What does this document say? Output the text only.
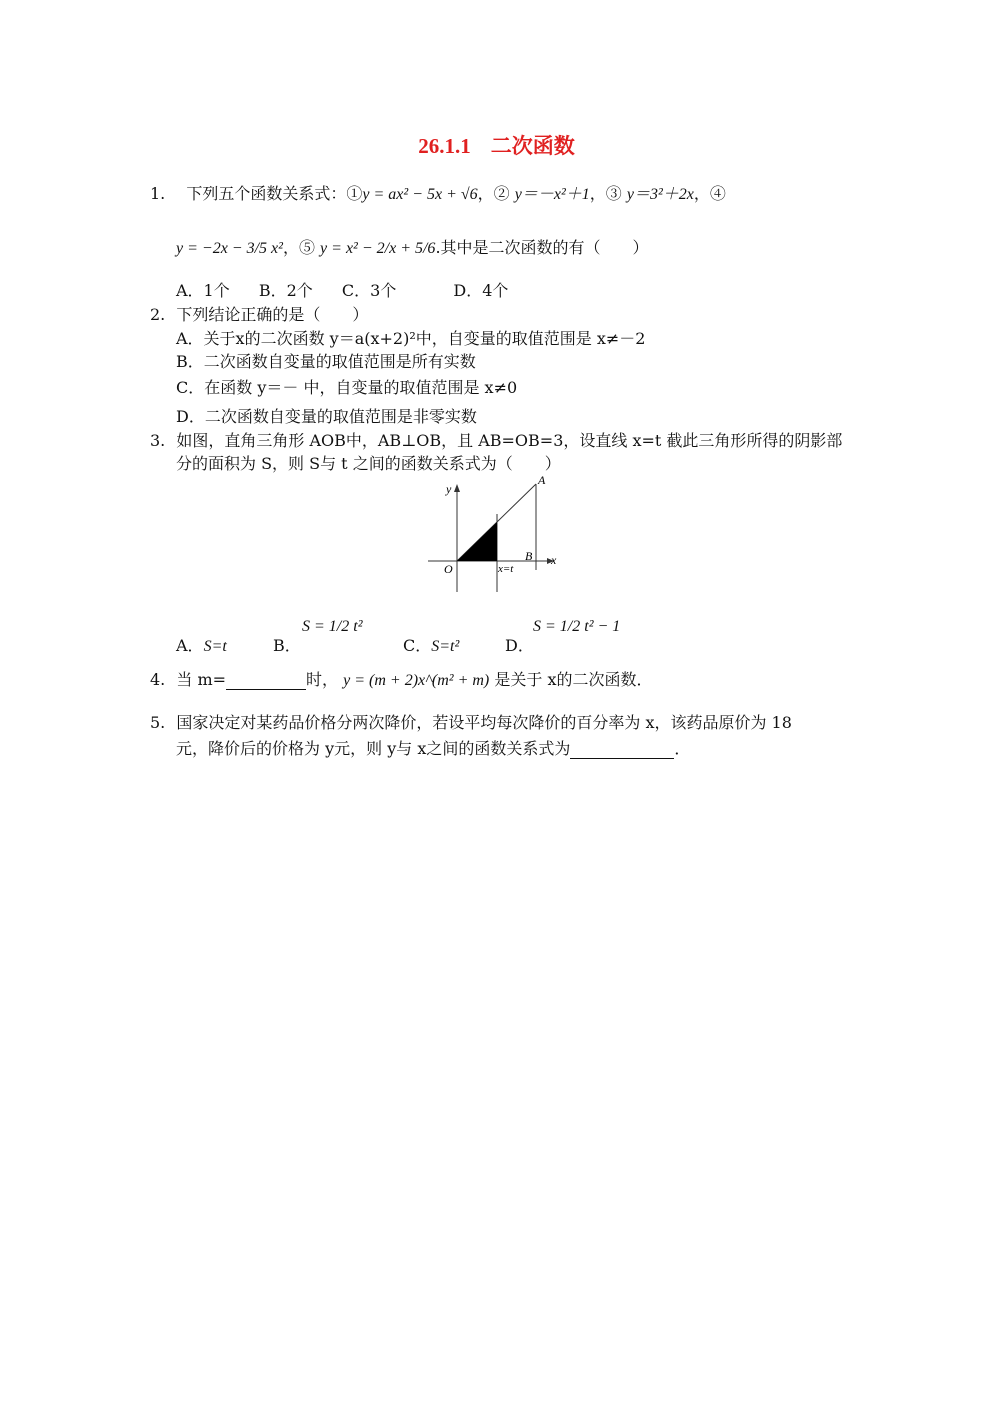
26.1.1 二次函数
1. 下列五个函数关系式：①y = ax² − 5x + √6，② y＝－x²＋1，③ y＝3²＋2x，④
y = −2x − 3/5 x²，⑤ y = x² − 2/x + 5/6.其中是二次函数的有（　　）
A．1个 B．2个 C．3个	D．4个
2. 下列结论正确的是（　　）
A．关于x的二次函数 y＝a(x+2)²中，自变量的取值范围是 x≠－2
B．二次函数自变量的取值范围是所有实数
C．在函数 y＝－ 中，自变量的取值范围是 x≠0
D．二次函数自变量的取值范围是非零实数
3. 如图，直角三角形 AOB中，AB⊥OB，且 AB=OB=3，设直线 x=t 截此三角形所得的阴影部
分的面积为 S，则 S与 t 之间的函数关系式为（　　）
y
x
A
B
O	x=t
A．S=t	B．
S = 1/2 t²
C．S=t²	D．
S = 1/2 t² − 1
4. 当 m=	时， y = (m + 2)x^(m² + m) 是关于 x的二次函数．
5. 国家决定对某药品价格分两次降价，若设平均每次降价的百分率为 x，该药品原价为 18
元，降价后的价格为 y元，则 y与 x之间的函数关系式为	．
